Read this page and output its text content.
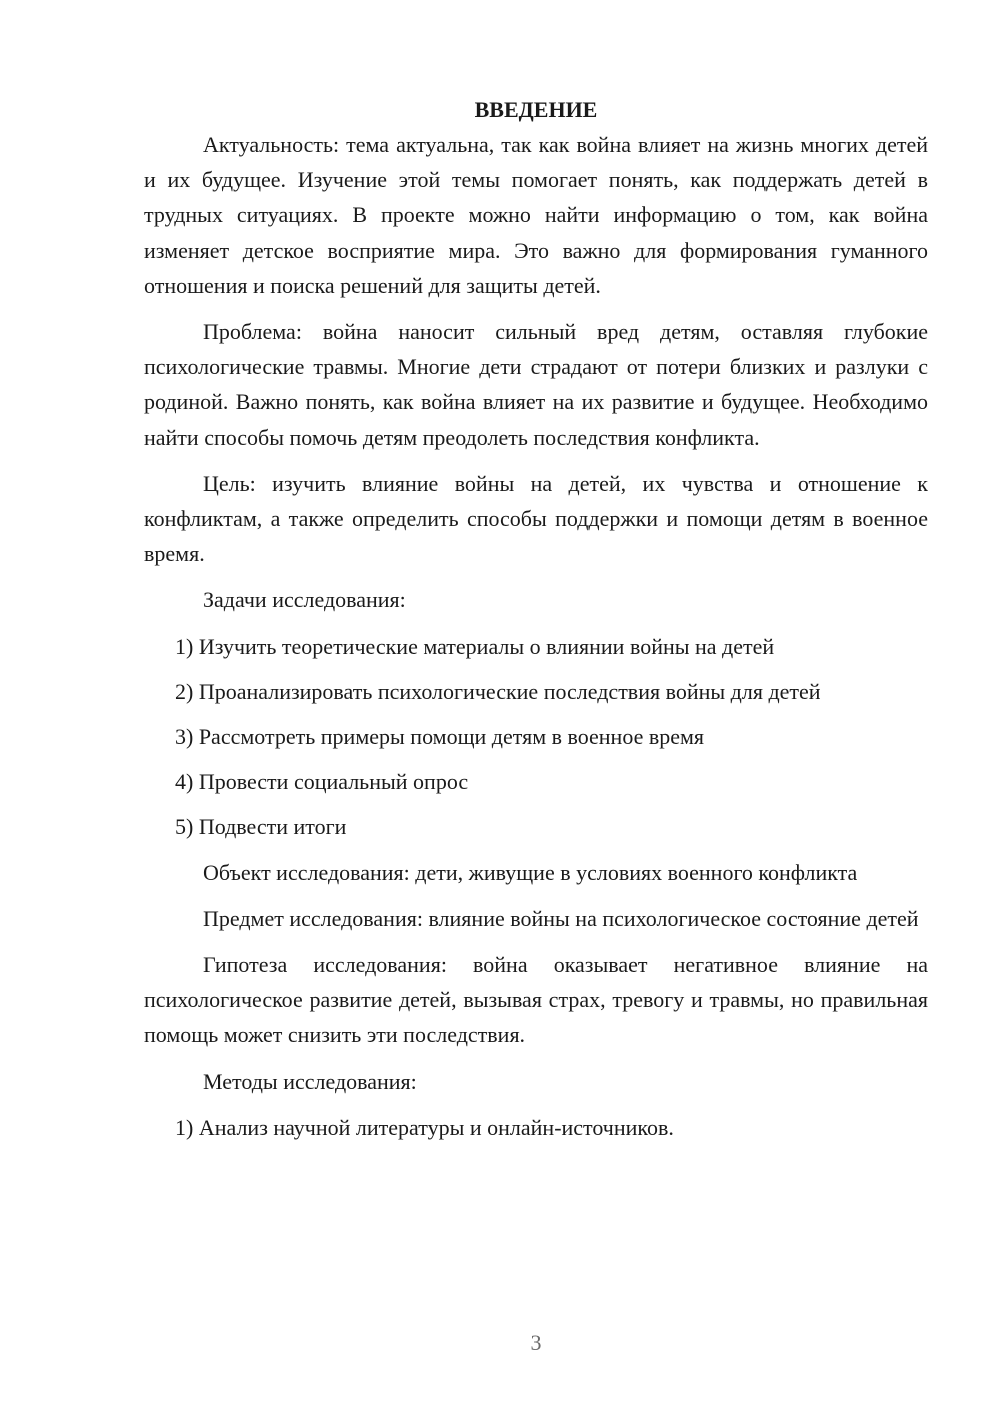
ВВЕДЕНИЕ

Актуальность: тема актуальна, так как война влияет на жизнь многих детей и их будущее. Изучение этой темы помогает понять, как поддержать детей в трудных ситуациях. В проекте можно найти информацию о том, как война изменяет детское восприятие мира. Это важно для формирования гуманного отношения и поиска решений для защиты детей.

Проблема: война наносит сильный вред детям, оставляя глубокие психологические травмы. Многие дети страдают от потери близких и разлуки с родиной. Важно понять, как война влияет на их развитие и будущее. Необходимо найти способы помочь детям преодолеть последствия конфликта.

Цель: изучить влияние войны на детей, их чувства и отношение к конфликтам, а также определить способы поддержки и помощи детям в военное время.

Задачи исследования:

1) Изучить теоретические материалы о влиянии войны на детей
2) Проанализировать психологические последствия войны для детей
3) Рассмотреть примеры помощи детям в военное время
4) Провести социальный опрос
5) Подвести итоги

Объект исследования: дети, живущие в условиях военного конфликта

Предмет исследования: влияние войны на психологическое состояние детей

Гипотеза исследования: война оказывает негативное влияние на психологическое развитие детей, вызывая страх, тревогу и травмы, но правильная помощь может снизить эти последствия.

Методы исследования:

1) Анализ научной литературы и онлайн-источников.
3
